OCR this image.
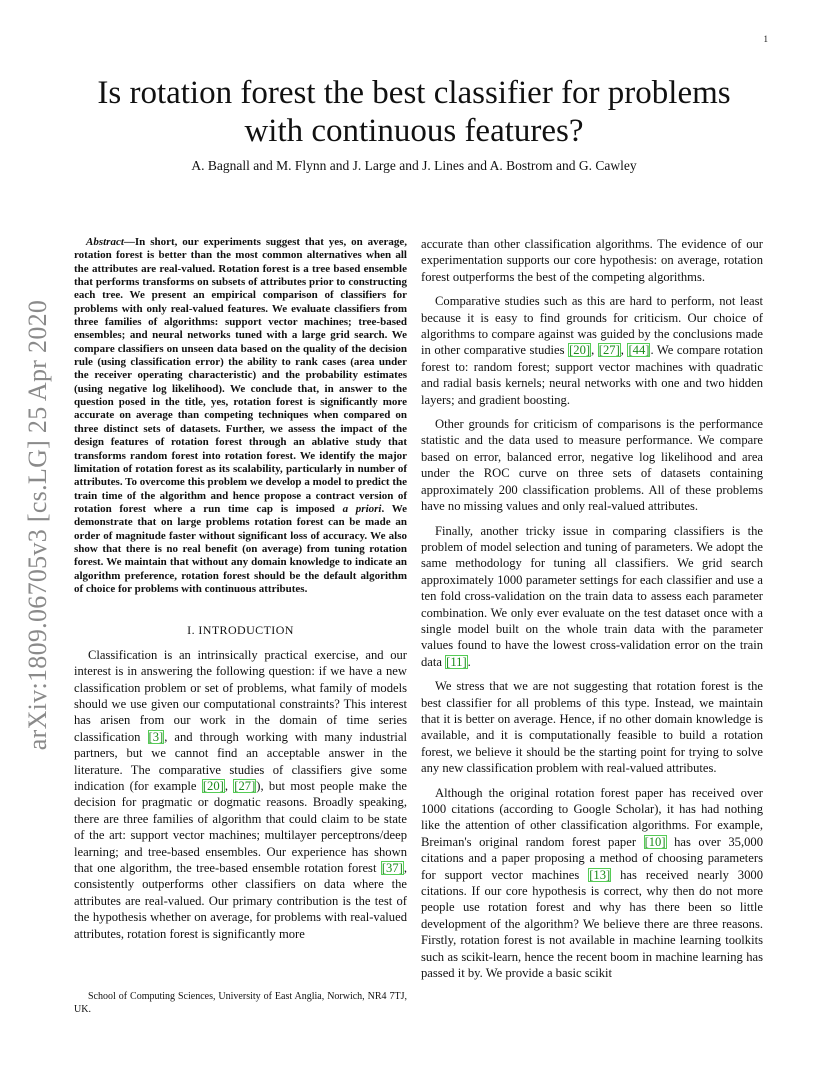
1
arXiv:1809.06705v3 [cs.LG] 25 Apr 2020
Is rotation forest the best classifier for problems with continuous features?
A. Bagnall and M. Flynn and J. Large and J. Lines and A. Bostrom and G. Cawley

Abstract—In short, our experiments suggest that yes, on average, rotation forest is better than the most common alternatives when all the attributes are real-valued. Rotation forest is a tree based ensemble that performs transforms on subsets of attributes prior to constructing each tree. We present an empirical comparison of classifiers for problems with only real-valued features. We evaluate classifiers from three families of algorithms: support vector machines; tree-based ensembles; and neural networks tuned with a large grid search. We compare classifiers on unseen data based on the quality of the decision rule (using classification error) the ability to rank cases (area under the receiver operating characteristic) and the probability estimates (using negative log likelihood). We conclude that, in answer to the question posed in the title, yes, rotation forest is significantly more accurate on average than competing techniques when compared on three distinct sets of datasets. Further, we assess the impact of the design features of rotation forest through an ablative study that transforms random forest into rotation forest. We identify the major limitation of rotation forest as its scalability, particularly in number of attributes. To overcome this problem we develop a model to predict the train time of the algorithm and hence propose a contract version of rotation forest where a run time cap is imposed a priori. We demonstrate that on large problems rotation forest can be made an order of magnitude faster without significant loss of accuracy. We also show that there is no real benefit (on average) from tuning rotation forest. We maintain that without any domain knowledge to indicate an algorithm preference, rotation forest should be the default algorithm of choice for problems with continuous attributes.

I. INTRODUCTION

Classification is an intrinsically practical exercise, and our interest is in answering the following question: if we have a new classification problem or set of problems, what family of models should we use given our computational constraints? This interest has arisen from our work in the domain of time series classification [3], and through working with many industrial partners, but we cannot find an acceptable answer in the literature. The comparative studies of classifiers give some indication (for example [20], [27]), but most people make the decision for pragmatic or dogmatic reasons. Broadly speaking, there are three families of algorithm that could claim to be state of the art: support vector machines; multilayer perceptrons/deep learning; and tree-based ensembles. Our experience has shown that one algorithm, the tree-based ensemble rotation forest [37], consistently outperforms other classifiers on data where the attributes are real-valued. Our primary contribution is the test of the hypothesis whether on average, for problems with real-valued attributes, rotation forest is significantly more

School of Computing Sciences, University of East Anglia, Norwich, NR4 7TJ, UK.

accurate than other classification algorithms. The evidence of our experimentation supports our core hypothesis: on average, rotation forest outperforms the best of the competing algorithms.

Comparative studies such as this are hard to perform, not least because it is easy to find grounds for criticism. Our choice of algorithms to compare against was guided by the conclusions made in other comparative studies [20], [27], [44]. We compare rotation forest to: random forest; support vector machines with quadratic and radial basis kernels; neural networks with one and two hidden layers; and gradient boosting.

Other grounds for criticism of comparisons is the performance statistic and the data used to measure performance. We compare based on error, balanced error, negative log likelihood and area under the ROC curve on three sets of datasets containing approximately 200 classification problems. All of these problems have no missing values and only real-valued attributes.

Finally, another tricky issue in comparing classifiers is the problem of model selection and tuning of parameters. We adopt the same methodology for tuning all classifiers. We grid search approximately 1000 parameter settings for each classifier and use a ten fold cross-validation on the train data to assess each parameter combination. We only ever evaluate on the test dataset once with a single model built on the whole train data with the parameter values found to have the lowest cross-validation error on the train data [11].

We stress that we are not suggesting that rotation forest is the best classifier for all problems of this type. Instead, we maintain that it is better on average. Hence, if no other domain knowledge is available, and it is computationally feasible to build a rotation forest, we believe it should be the starting point for trying to solve any new classification problem with real-valued attributes.

Although the original rotation forest paper has received over 1000 citations (according to Google Scholar), it has had nothing like the attention of other classification algorithms. For example, Breiman's original random forest paper [10] has over 35,000 citations and a paper proposing a method of choosing parameters for support vector machines [13] has received nearly 3000 citations. If our core hypothesis is correct, why then do not more people use rotation forest and why has there been so little development of the algorithm? We believe there are three reasons. Firstly, rotation forest is not available in machine learning toolkits such as scikit-learn, hence the recent boom in machine learning has passed it by. We provide a basic scikit
